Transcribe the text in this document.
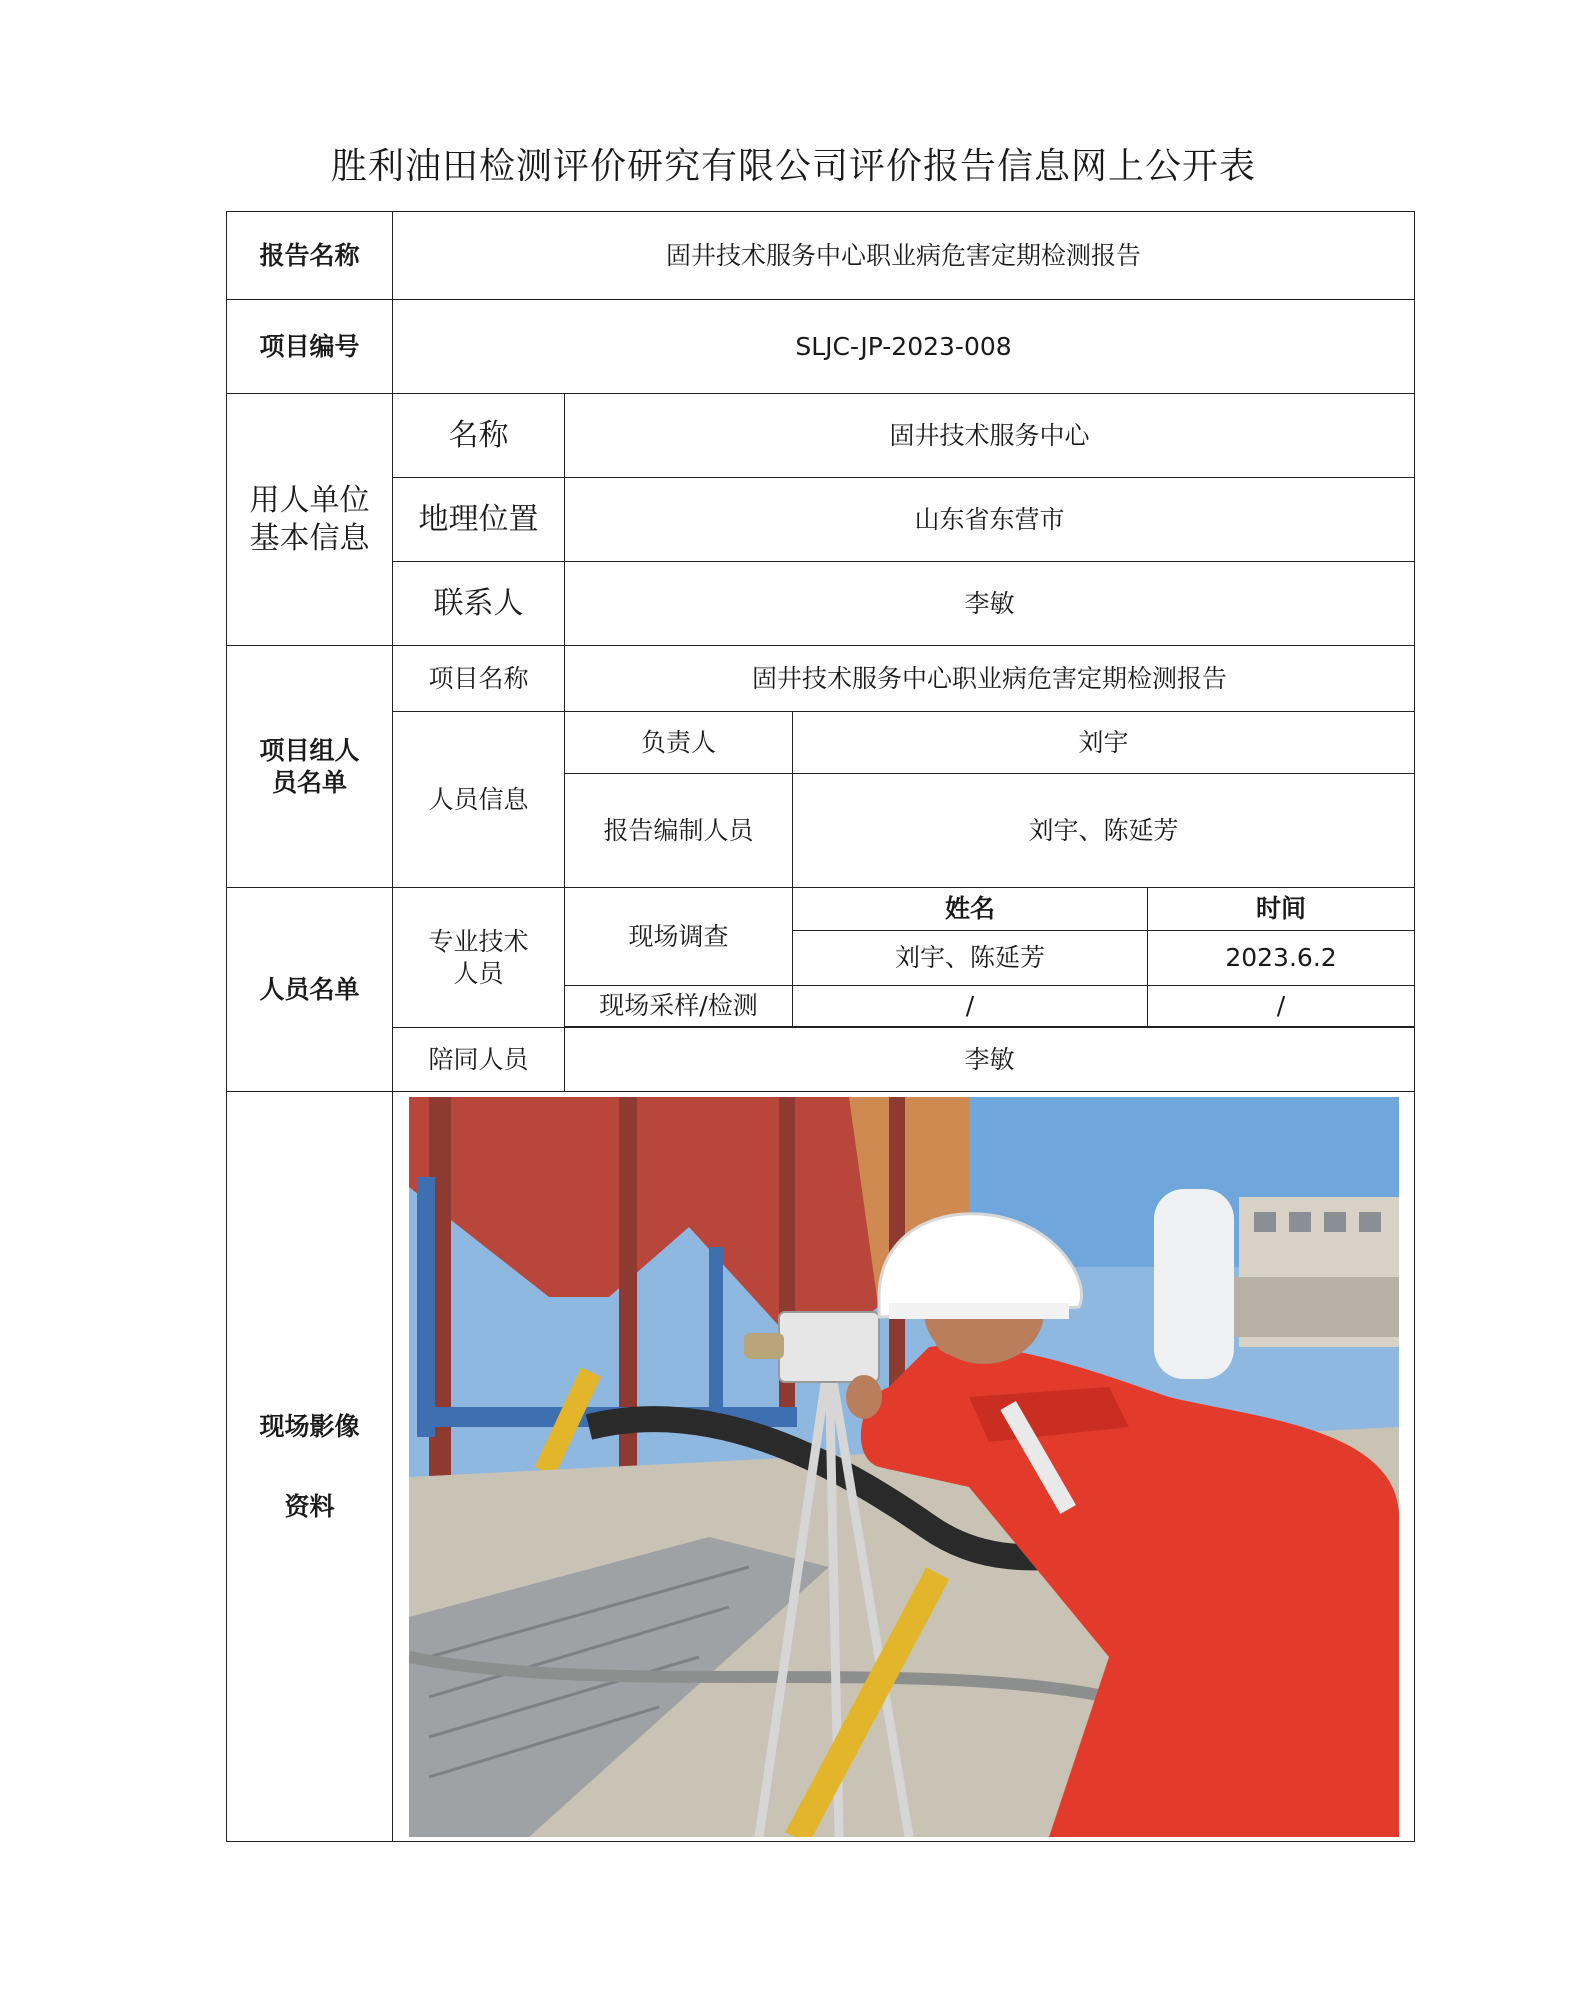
胜利油田检测评价研究有限公司评价报告信息网上公开表
报告名称	固井技术服务中心职业病危害定期检测报告			
项目编号	SLJC-JP-2023-008			
用人单位基本信息	名称	固井技术服务中心		
	地理位置	山东省东营市		
	联系人	李敏		
项目组人员名单	项目名称	固井技术服务中心职业病危害定期检测报告		
	人员信息	负责人	刘宇	
		报告编制人员	刘宇、陈延芳	
人员名单	专业技术人员	现场调查	姓名	时间
			刘宇、陈延芳	2023.6.2
		现场采样/检测	/	/

	陪同人员	李敏		
现场影像资料	
